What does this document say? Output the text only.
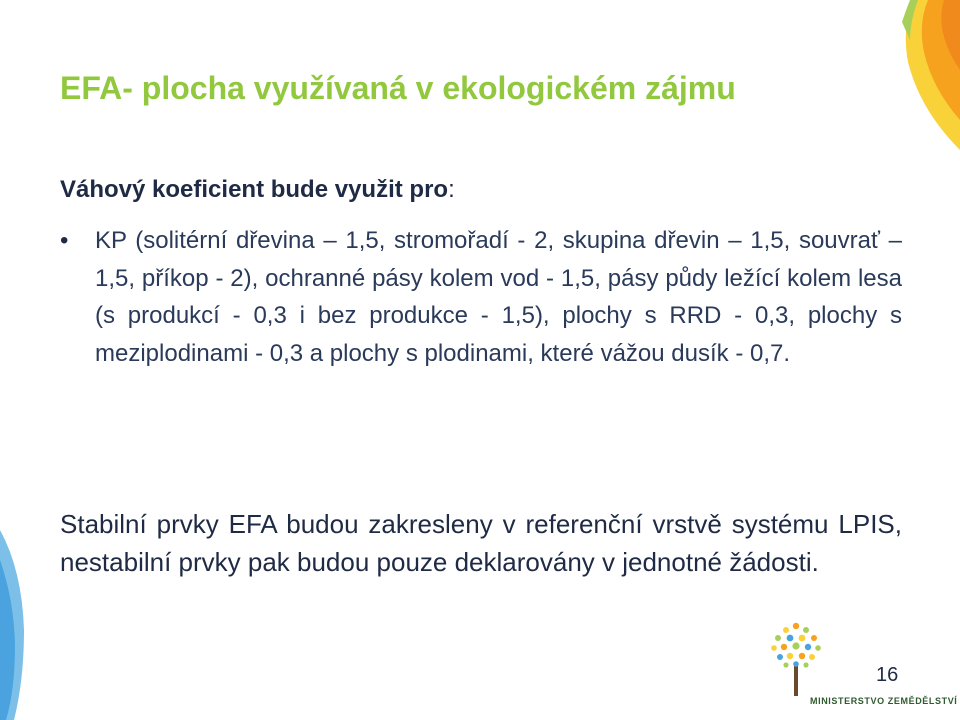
EFA- plocha využívaná v ekologickém zájmu
Váhový koeficient bude využit pro:
• KP (solitérní dřevina – 1,5, stromořadí - 2, skupina dřevin – 1,5, souvrať – 1,5, příkop - 2), ochranné pásy kolem vod - 1,5, pásy půdy ležící kolem lesa (s produkcí - 0,3 i bez produkce - 1,5), plochy s RRD - 0,3, plochy s meziplodinami - 0,3 a plochy s plodinami, které vážou dusík - 0,7.
Stabilní prvky EFA budou zakresleny v referenční vrstvě systému LPIS, nestabilní prvky pak budou pouze deklarovány v jednotné žádosti.
MINISTERSTVO ZEMĚDĚLSTVÍ
16
